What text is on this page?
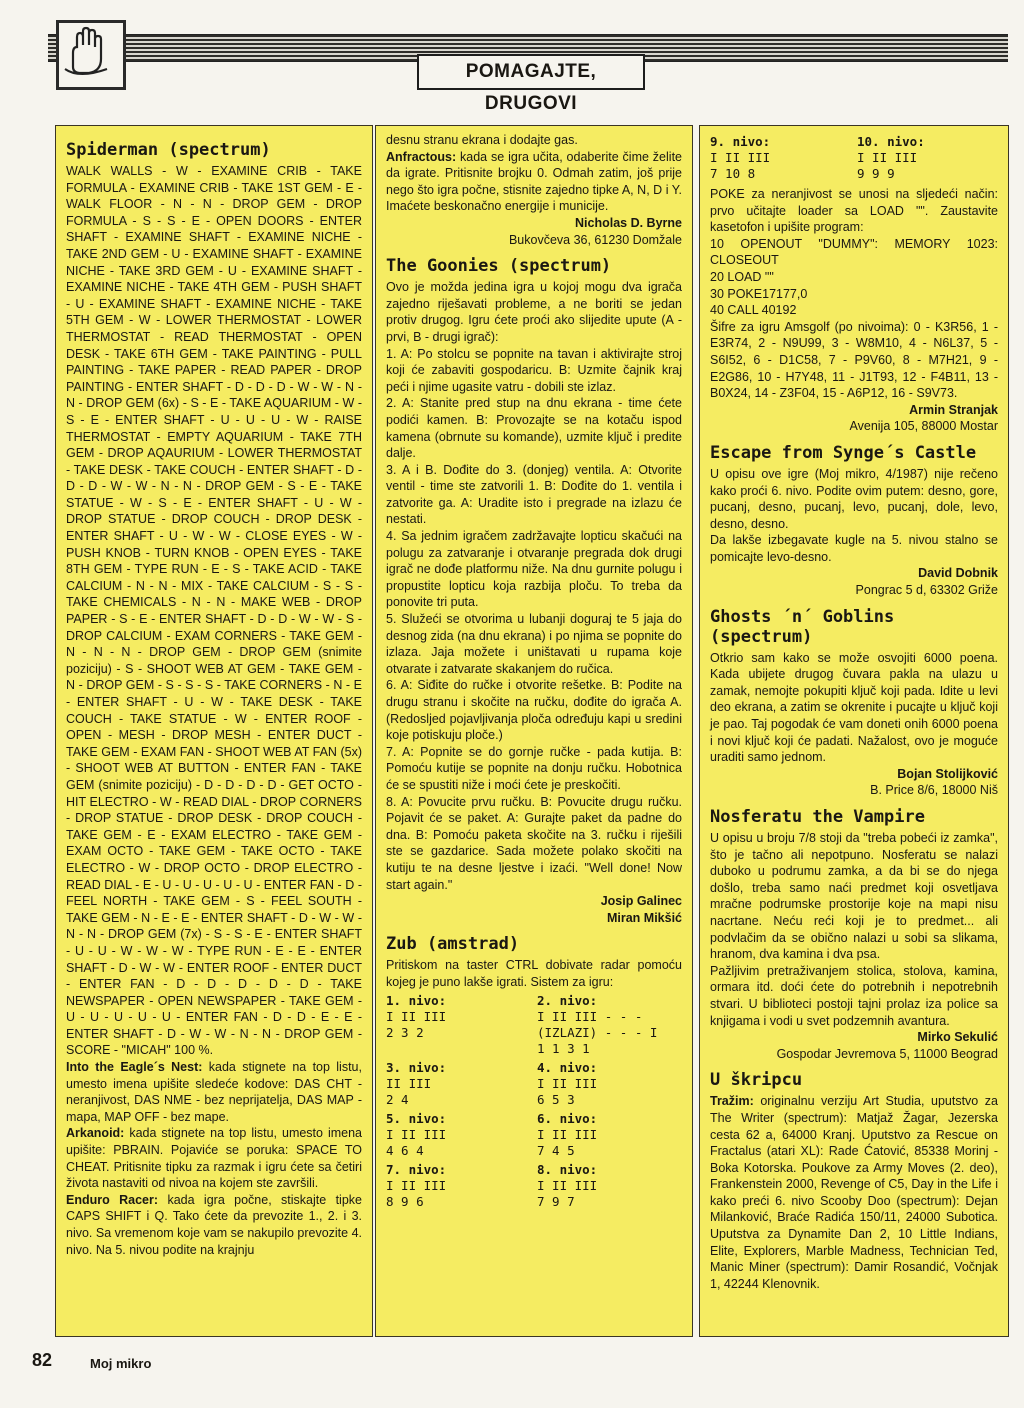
POMAGAJTE, DRUGOVI
Spiderman (spectrum)

WALK WALLS - W - EXAMINE CRIB - TAKE FORMULA - EXAMINE CRIB - TAKE 1ST GEM - E - WALK FLOOR - N - N - DROP GEM - DROP FORMULA - S - S - E - OPEN DOORS - ENTER SHAFT - EXAMINE SHAFT - EXAMINE NICHE - TAKE 2ND GEM - U - EXAMINE SHAFT - EXAMINE NICHE - TAKE 3RD GEM - U - EXAMINE SHAFT - EXAMINE NICHE - TAKE 4TH GEM - PUSH SHAFT - U - EXAMINE SHAFT - EXAMINE NICHE - TAKE 5TH GEM - W - LOWER THERMOSTAT - LOWER THERMOSTAT - READ THERMOSTAT - OPEN DESK - TAKE 6TH GEM - TAKE PAINTING - PULL PAINTING - TAKE PAPER - READ PAPER - DROP PAINTING - ENTER SHAFT - D - D - D - W - W - N - N - DROP GEM (6x) - S - E - TAKE AQUARIUM - W - S - E - ENTER SHAFT - U - U - U - W - RAISE THERMOSTAT - EMPTY AQUARIUM - TAKE 7TH GEM - DROP AQAURIUM - LOWER THERMOSTAT - TAKE DESK - TAKE COUCH - ENTER SHAFT - D - D - D - W - W - N - N - DROP GEM - S - E - TAKE STATUE - W - S - E - ENTER SHAFT - U - W - DROP STATUE - DROP COUCH - DROP DESK - ENTER SHAFT - U - W - W - CLOSE EYES - W - PUSH KNOB - TURN KNOB - OPEN EYES - TAKE 8TH GEM - TYPE RUN - E - S - TAKE ACID - TAKE CALCIUM - N - N - MIX - TAKE CALCIUM - S - S - TAKE CHEMICALS - N - N - MAKE WEB - DROP PAPER - S - E - ENTER SHAFT - D - D - W - W - S - DROP CALCIUM - EXAM CORNERS - TAKE GEM - N - N - N - DROP GEM - DROP GEM (snimite poziciju) - S - SHOOT WEB AT GEM - TAKE GEM - N - DROP GEM - S - S - S - TAKE CORNERS - N - E - ENTER SHAFT - U - W - TAKE DESK - TAKE COUCH - TAKE STATUE - W - ENTER ROOF - OPEN - MESH - DROP MESH - ENTER DUCT - TAKE GEM - EXAM FAN - SHOOT WEB AT FAN (5x) - SHOOT WEB AT BUTTON - ENTER FAN - TAKE GEM (snimite poziciju) - D - D - D - D - GET OCTO - HIT ELECTRO - W - READ DIAL - DROP CORNERS - DROP STATUE - DROP DESK - DROP COUCH - TAKE GEM - E - EXAM ELECTRO - TAKE GEM - EXAM OCTO - TAKE GEM - TAKE OCTO - TAKE ELECTRO - W - DROP OCTO - DROP ELECTRO - READ DIAL - E - U - U - U - U - U - ENTER FAN - D - FEEL NORTH - TAKE GEM - S - FEEL SOUTH - TAKE GEM - N - E - E - ENTER SHAFT - D - W - W - N - N - DROP GEM (7x) - S - S - E - ENTER SHAFT - U - U - W - W - W - TYPE RUN - E - E - ENTER SHAFT - D - W - W - ENTER ROOF - ENTER DUCT - ENTER FAN - D - D - D - D - D - TAKE NEWSPAPER - OPEN NEWSPAPER - TAKE GEM - U - U - U - U - U - ENTER FAN - D - D - E - E - ENTER SHAFT - D - W - W - N - N - DROP GEM - SCORE - "MICAH" 100 %.

Into the Eagle´s Nest: kada stignete na top listu, umesto imena upišite sledeće kodove: DAS CHT - neranjivost, DAS NME - bez neprijatelja, DAS MAP - mapa, MAP OFF - bez mape.

Arkanoid: kada stignete na top listu, umesto imena upišite: PBRAIN. Pojaviće se poruka: SPACE TO CHEAT. Pritisnite tipku za razmak i igru ćete sa četiri života nastaviti od nivoa na kojem ste završili.

Enduro Racer: kada igra počne, stiskajte tipke CAPS SHIFT i Q. Tako ćete da prevozite 1., 2. i 3. nivo. Sa vremenom koje vam se nakupilo prevozite 4. nivo. Na 5. nivou podite na krajnju

desnu stranu ekrana i dodajte gas.

Anfractous: kada se igra učita, odaberite čime želite da igrate. Pritisnite brojku 0. Odmah zatim, još prije nego što igra počne, stisnite zajedno tipke A, N, D i Y. Imaćete beskonačno energije i municije.

Nicholas D. Byrne

Bukovčeva 36, 61230 Domžale

The Goonies (spectrum)

Ovo je možda jedina igra u kojoj mogu dva igrača zajedno riješavati probleme, a ne boriti se jedan protiv drugog. Igru ćete proći ako slijedite upute (A - prvi, B - drugi igrač):

1. A: Po stolcu se popnite na tavan i aktivirajte stroj koji će zabaviti gospodaricu. B: Uzmite čajnik kraj peći i njime ugasite vatru - dobili ste izlaz.

2. A: Stanite pred stup na dnu ekrana - time ćete podići kamen. B: Provozajte se na kotaču ispod kamena (obrnute su komande), uzmite ključ i predite dalje.

3. A i B. Dođite do 3. (donjeg) ventila. A: Otvorite ventil - time ste zatvorili 1. B: Dođite do 1. ventila i zatvorite ga. A: Uradite isto i pregrade na izlazu će nestati.

4. Sa jednim igračem zadržavajte lopticu skačući na polugu za zatvaranje i otvaranje pregrada dok drugi igrač ne dođe platformu niže. Na dnu gurnite polugu i propustite lopticu koja razbija ploču. To treba da ponovite tri puta.

5. Služeći se otvorima u lubanji doguraj te 5 jaja do desnog zida (na dnu ekrana) i po njima se popnite do izlaza. Jaja možete i uništavati u rupama koje otvarate i zatvarate skakanjem do ručica.

6. A: Siđite do ručke i otvorite rešetke. B: Podite na drugu stranu i skočite na ručku, dođite do igrača A. (Redosljed pojavljivanja ploča određuju kapi u sredini koje potiskuju ploče.)

7. A: Popnite se do gornje ručke - pada kutija. B: Pomoću kutije se popnite na donju ručku. Hobotnica će se spustiti niže i moći ćete je preskočiti.

8. A: Povucite prvu ručku. B: Povucite drugu ručku. Pojavit će se paket. A: Gurajte paket da padne do dna. B: Pomoću paketa skočite na 3. ručku i riješili ste se gazdarice. Sada možete polako skočiti na kutiju te na desne ljestve i izaći. "Well done! Now start again."

Josip Galinec

Miran Mikšić

Zub (amstrad)

Pritiskom na taster CTRL dobivate radar pomoću kojeg je puno lakše igrati. Sistem za igru:

1. nivo:
I II III
2 3 2
2. nivo:
I II III - - - (IZLAZI) - - - I
1 1 3 1
3. nivo:
II III
2 4
4. nivo:
I II III
6 5 3
5. nivo:
I II III
4 6 4
6. nivo:
I II III
7 4 5
7. nivo:
I II III
8 9 6
8. nivo:
I II III
7 9 7
9. nivo:
I II III
7 10 8
10. nivo:
I II III
9 9 9

POKE za neranjivost se unosi na sljedeći način: prvo učitajte loader sa LOAD "". Zaustavite kasetofon i upišite program:

10 OPENOUT "DUMMY": MEMORY 1023: CLOSEOUT
20 LOAD ""
30 POKE17177,0
40 CALL 40192

Šifre za igru Amsgolf (po nivoima): 0 - K3R56, 1 - E3R74, 2 - N9U99, 3 - W8M10, 4 - N6L37, 5 - S6I52, 6 - D1C58, 7 - P9V60, 8 - M7H21, 9 - E2G86, 10 - H7Y48, 11 - J1T93, 12 - F4B11, 13 - B0X24, 14 - Z3F04, 15 - A6P12, 16 - S9V73.

Armin Stranjak

Avenija 105, 88000 Mostar

Escape from Synge´s Castle

U opisu ove igre (Moj mikro, 4/1987) nije rečeno kako proći 6. nivo. Podite ovim putem: desno, gore, pucanj, desno, pucanj, levo, pucanj, dole, levo, desno, desno.

Da lakše izbegavate kugle na 5. nivou stalno se pomicajte levo-desno.

David Dobnik

Pongrac 5 d, 63302 Griže

Ghosts ´n´ Goblins (spectrum)

Otkrio sam kako se može osvojiti 6000 poena. Kada ubijete drugog čuvara pakla na ulazu u zamak, nemojte pokupiti ključ koji pada. Idite u levi deo ekrana, a zatim se okrenite i pucajte u ključ koji je pao. Taj pogodak će vam doneti onih 6000 poena i novi ključ koji će padati. Nažalost, ovo je moguće uraditi samo jednom.

Bojan Stolijković

B. Price 8/6, 18000 Niš

Nosferatu the Vampire

U opisu u broju 7/8 stoji da "treba pobeći iz zamka", što je tačno ali nepotpuno. Nosferatu se nalazi duboko u podrumu zamka, a da bi se do njega došlo, treba samo naći predmet koji osvetljava mračne podrumske prostorije koje na mapi nisu nacrtane. Neću reći koji je to predmet... ali podvlačim da se obično nalazi u sobi sa slikama, hranom, dva kamina i dva psa.

Pažljivim pretraživanjem stolica, stolova, kamina, ormara itd. doći ćete do potrebnih i nepotrebnih stvari. U biblioteci postoji tajni prolaz iza police sa knjigama i vodi u svet podzemnih avantura.

Mirko Sekulić

Gospodar Jevremova 5, 11000 Beograd

U škripcu

Tražim: originalnu verziju Art Studia, uputstvo za The Writer (spectrum): Matjaž Žagar, Jezerska cesta 62 a, 64000 Kranj. Uputstvo za Rescue on Fractalus (atari XL): Rade Ćatović, 85338 Morinj - Boka Kotorska. Poukove za Army Moves (2. deo), Frankenstein 2000, Revenge of C5, Day in the Life i kako preći 6. nivo Scooby Doo (spectrum): Dejan Milanković, Braće Radića 150/11, 24000 Subotica. Uputstva za Dynamite Dan 2, 10 Little Indians, Elite, Explorers, Marble Madness, Technician Ted, Manic Miner (spectrum): Damir Rosandić, Vočnjak 1, 42244 Klenovnik.

82	Moj mikro
